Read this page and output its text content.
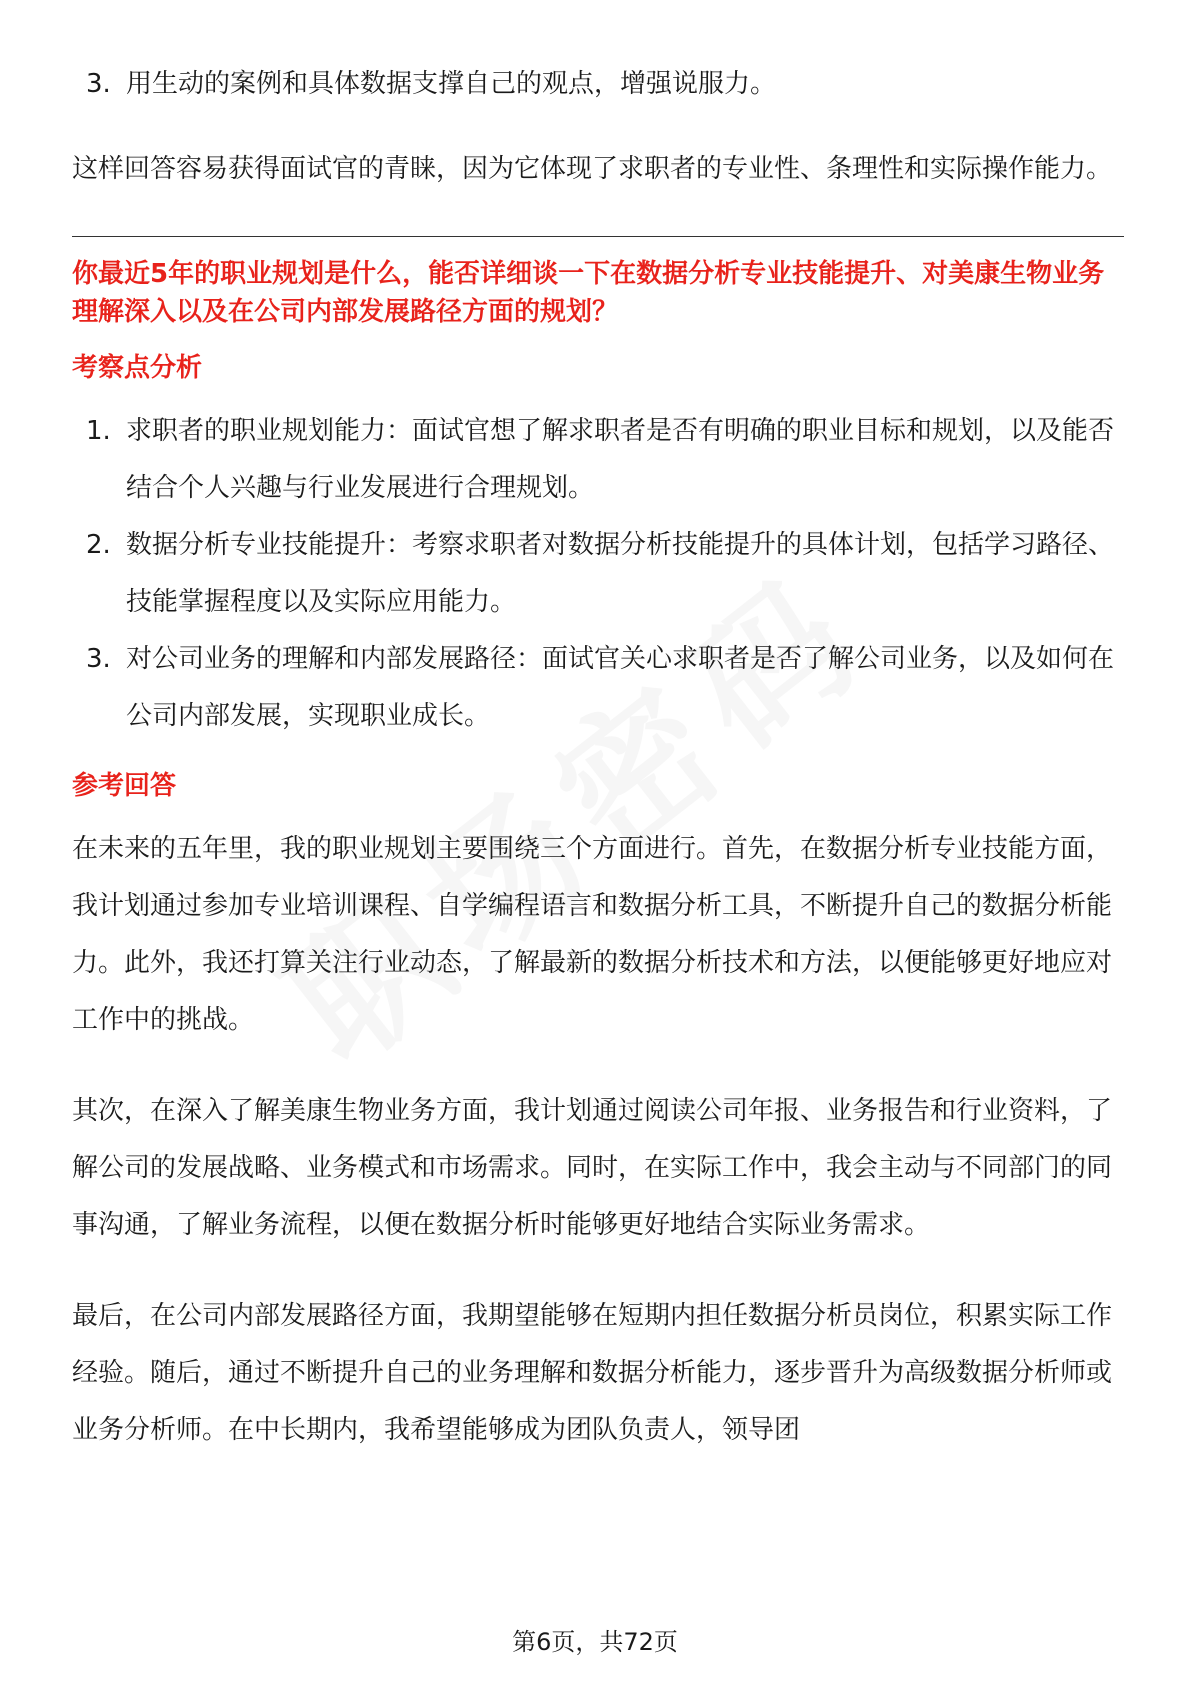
3. 用生动的案例和具体数据支撑自己的观点，增强说服力。

这样回答容易获得面试官的青睐，因为它体现了求职者的专业性、条理性和实际操作能力。

你最近5年的职业规划是什么，能否详细谈一下在数据分析专业技能提升、对美康生物业务理解深入以及在公司内部发展路径方面的规划？

考察点分析
1. 求职者的职业规划能力：面试官想了解求职者是否有明确的职业目标和规划，以及能否结合个人兴趣与行业发展进行合理规划。
2. 数据分析专业技能提升：考察求职者对数据分析技能提升的具体计划，包括学习路径、技能掌握程度以及实际应用能力。
3. 对公司业务的理解和内部发展路径：面试官关心求职者是否了解公司业务，以及如何在公司内部发展，实现职业成长。
参考回答

在未来的五年里，我的职业规划主要围绕三个方面进行。首先，在数据分析专业技能方面，我计划通过参加专业培训课程、自学编程语言和数据分析工具，不断提升自己的数据分析能力。此外，我还打算关注行业动态，了解最新的数据分析技术和方法，以便能够更好地应对工作中的挑战。

其次，在深入了解美康生物业务方面，我计划通过阅读公司年报、业务报告和行业资料，了解公司的发展战略、业务模式和市场需求。同时，在实际工作中，我会主动与不同部门的同事沟通，了解业务流程，以便在数据分析时能够更好地结合实际业务需求。

最后，在公司内部发展路径方面，我期望能够在短期内担任数据分析员岗位，积累实际工作经验。随后，通过不断提升自己的业务理解和数据分析能力，逐步晋升为高级数据分析师或业务分析师。在中长期内，我希望能够成为团队负责人，领导团

第6页，共72页
